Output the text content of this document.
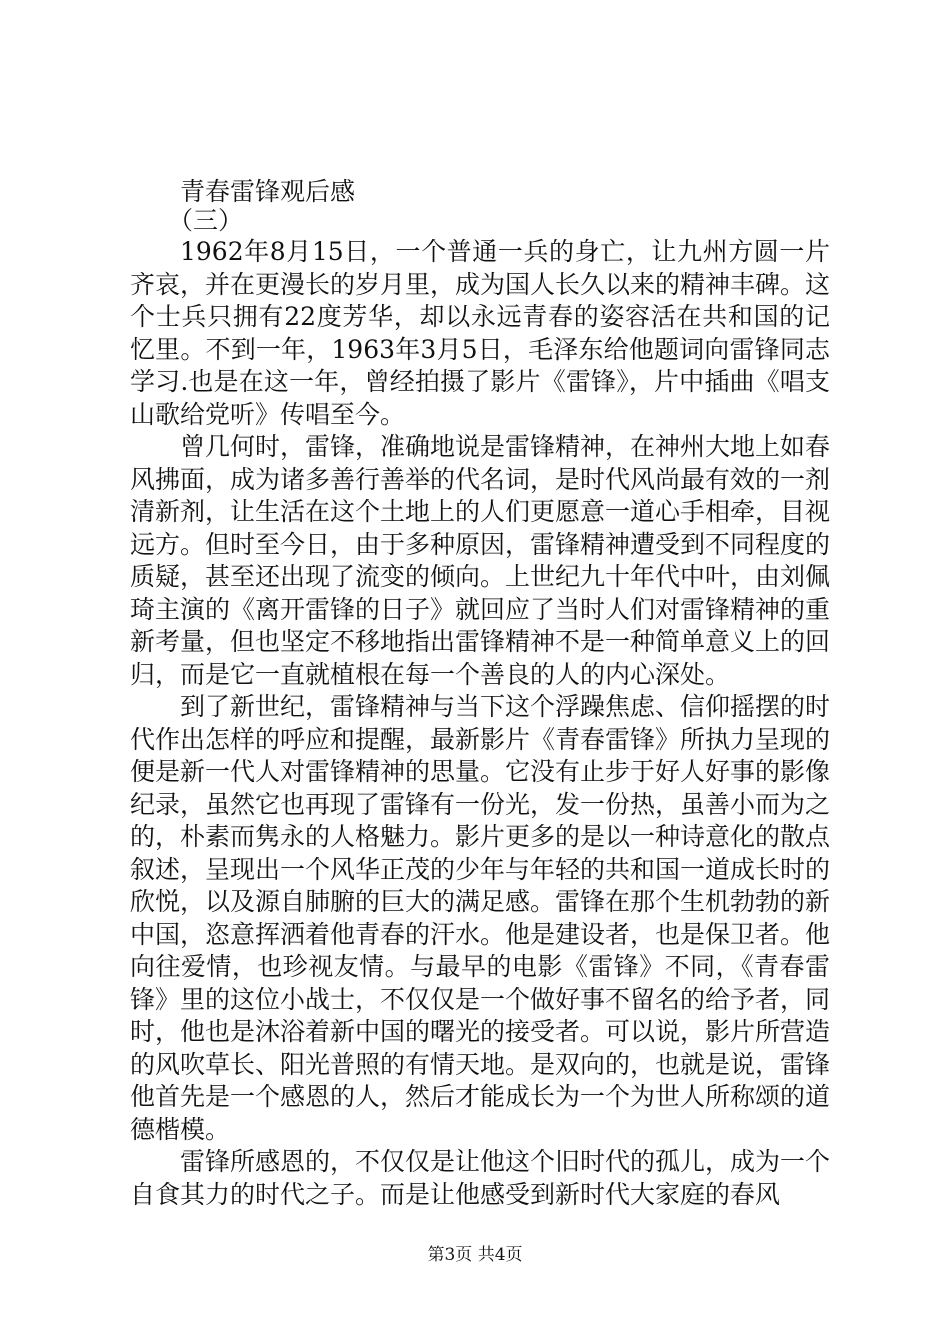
青春雷锋观后感
（三）

1962年8月15日，一个普通一兵的身亡，让九州方圆一片齐哀，并在更漫长的岁月里，成为国人长久以来的精神丰碑。这个士兵只拥有22度芳华，却以永远青春的姿容活在共和国的记忆里。不到一年，1963年3月5日，毛泽东给他题词向雷锋同志学习.也是在这一年，曾经拍摄了影片《雷锋》，片中插曲《唱支山歌给党听》传唱至今。

曾几何时，雷锋，准确地说是雷锋精神，在神州大地上如春风拂面，成为诸多善行善举的代名词，是时代风尚最有效的一剂清新剂，让生活在这个土地上的人们更愿意一道心手相牵，目视远方。但时至今日，由于多种原因，雷锋精神遭受到不同程度的质疑，甚至还出现了流变的倾向。上世纪九十年代中叶，由刘佩琦主演的《离开雷锋的日子》就回应了当时人们对雷锋精神的重新考量，但也坚定不移地指出雷锋精神不是一种简单意义上的回归，而是它一直就植根在每一个善良的人的内心深处。

到了新世纪，雷锋精神与当下这个浮躁焦虑、信仰摇摆的时代作出怎样的呼应和提醒，最新影片《青春雷锋》所执力呈现的便是新一代人对雷锋精神的思量。它没有止步于好人好事的影像纪录，虽然它也再现了雷锋有一份光，发一份热，虽善小而为之的，朴素而隽永的人格魅力。影片更多的是以一种诗意化的散点叙述，呈现出一个风华正茂的少年与年轻的共和国一道成长时的欣悦，以及源自肺腑的巨大的满足感。雷锋在那个生机勃勃的新中国，恣意挥洒着他青春的汗水。他是建设者，也是保卫者。他向往爱情，也珍视友情。与最早的电影《雷锋》不同，《青春雷锋》里的这位小战士，不仅仅是一个做好事不留名的给予者，同时，他也是沐浴着新中国的曙光的接受者。可以说，影片所营造的风吹草长、阳光普照的有情天地。是双向的，也就是说，雷锋他首先是一个感恩的人，然后才能成长为一个为世人所称颂的道德楷模。

雷锋所感恩的，不仅仅是让他这个旧时代的孤儿，成为一个自食其力的时代之子。而是让他感受到新时代大家庭的春风

第3页 共4页
